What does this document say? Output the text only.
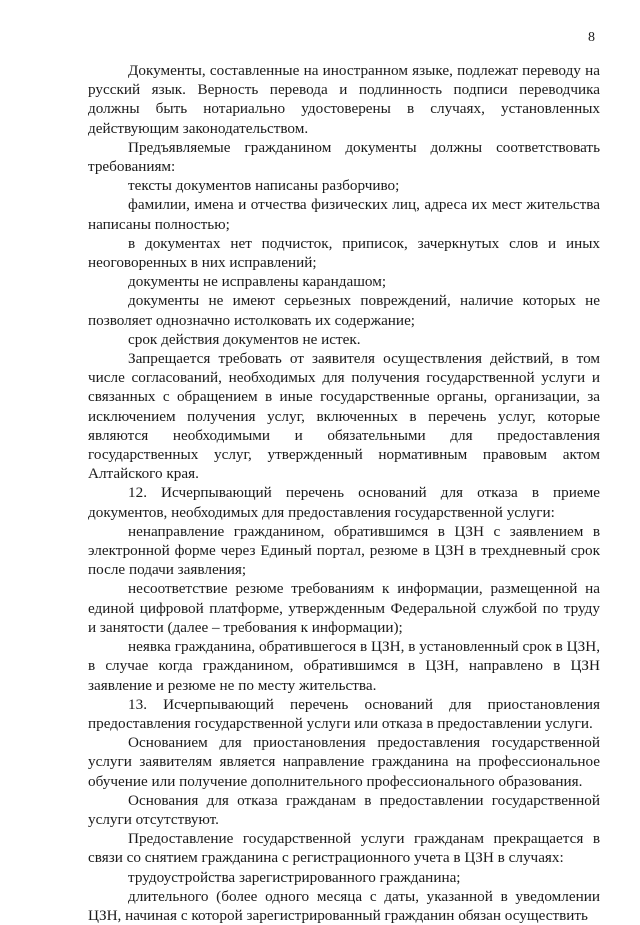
8

Документы, составленные на иностранном языке, подлежат переводу на русский язык. Верность перевода и подлинность подписи переводчика должны быть нотариально удостоверены в случаях, установленных действующим законодательством.

Предъявляемые гражданином документы должны соответствовать требованиям:

тексты документов написаны разборчиво;

фамилии, имена и отчества физических лиц, адреса их мест жительства написаны полностью;

в документах нет подчисток, приписок, зачеркнутых слов и иных неоговоренных в них исправлений;

документы не исправлены карандашом;

документы не имеют серьезных повреждений, наличие которых не позволяет однозначно истолковать их содержание;

срок действия документов не истек.

Запрещается требовать от заявителя осуществления действий, в том числе согласований, необходимых для получения государственной услуги и связанных с обращением в иные государственные органы, организации, за исключением получения услуг, включенных в перечень услуг, которые являются необходимыми и обязательными для предоставления государственных услуг, утвержденный нормативным правовым актом Алтайского края.

12. Исчерпывающий перечень оснований для отказа в приеме документов, необходимых для предоставления государственной услуги:

ненаправление гражданином, обратившимся в ЦЗН с заявлением в электронной форме через Единый портал, резюме в ЦЗН в трехдневный срок после подачи заявления;

несоответствие резюме требованиям к информации, размещенной на единой цифровой платформе, утвержденным Федеральной службой по труду и занятости (далее – требования к информации);

неявка гражданина, обратившегося в ЦЗН, в установленный срок в ЦЗН, в случае когда гражданином, обратившимся в ЦЗН, направлено в ЦЗН заявление и резюме не по месту жительства.

13. Исчерпывающий перечень оснований для приостановления предоставления государственной услуги или отказа в предоставлении услуги.

Основанием для приостановления предоставления государственной услуги заявителям является направление гражданина на профессиональное обучение или получение дополнительного профессионального образования.

Основания для отказа гражданам в предоставлении государственной услуги отсутствуют.

Предоставление государственной услуги гражданам прекращается в связи со снятием гражданина с регистрационного учета в ЦЗН в случаях:

трудоустройства зарегистрированного гражданина;

длительного (более одного месяца с даты, указанной в уведомлении ЦЗН, начиная с которой зарегистрированный гражданин обязан осуществить
